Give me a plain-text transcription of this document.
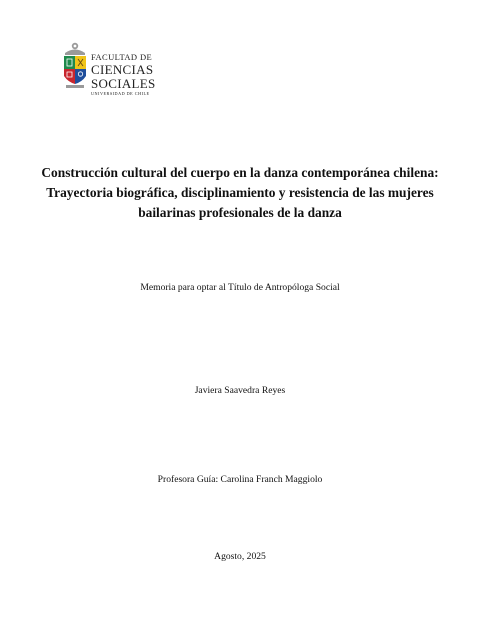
FACULTAD DE
CIENCIAS
SOCIALES
UNIVERSIDAD DE CHILE
Construcción cultural del cuerpo en la danza contemporánea chilena: Trayectoria biográfica, disciplinamiento y resistencia de las mujeres bailarinas profesionales de la danza

Memoria para optar al Título de Antropóloga Social

Javiera Saavedra Reyes

Profesora Guía: Carolina Franch Maggiolo

Agosto, 2025
